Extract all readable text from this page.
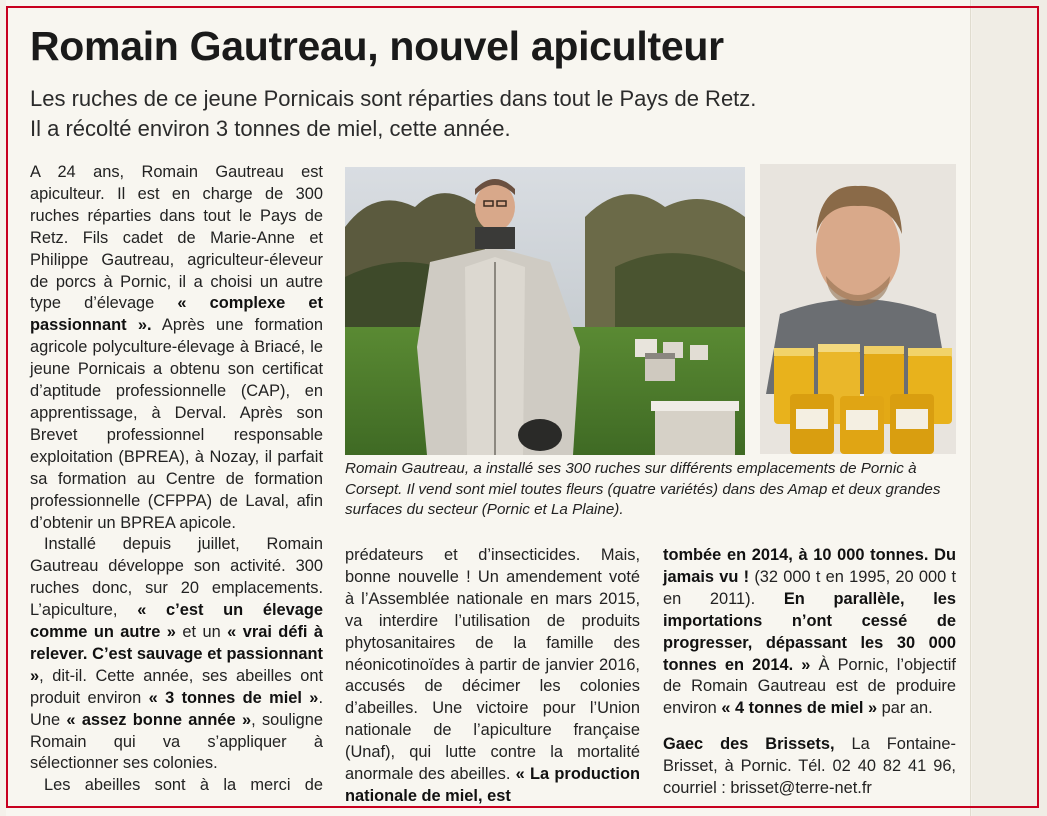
Romain Gautreau, nouvel apiculteur
Les ruches de ce jeune Pornicais sont réparties dans tout le Pays de Retz.
Il a récolté environ 3 tonnes de miel, cette année.

A 24 ans, Romain Gautreau est apiculteur. Il est en charge de 300 ruches réparties dans tout le Pays de Retz. Fils cadet de Marie-Anne et Philippe Gautreau, agriculteur-éleveur de porcs à Pornic, il a choisi un autre type d’élevage « complexe et passionnant ». Après une formation agricole polyculture-élevage à Briacé, le jeune Pornicais a obtenu son certificat d’aptitude professionnelle (CAP), en apprentissage, à Derval. Après son Brevet professionnel responsable exploitation (BPREA), à Nozay, il parfait sa formation au Centre de formation professionnelle (CFPPA) de Laval, afin d’obtenir un BPREA apicole.

Installé depuis juillet, Romain Gautreau développe son activité. 300 ruches donc, sur 20 emplacements. L’apiculture, « c’est un élevage comme un autre » et un « vrai défi à relever. C’est sauvage et passionnant », dit-il. Cette année, ses abeilles ont produit environ « 3 tonnes de miel ». Une « assez bonne année », souligne Romain qui va s’appliquer à sélectionner ses colonies.

Les abeilles sont à la merci de

Romain Gautreau, a installé ses 300 ruches sur différents emplacements de Pornic à Corsept. Il vend sont miel toutes fleurs (quatre variétés) dans des Amap et deux grandes surfaces du secteur (Pornic et La Plaine).

prédateurs et d’insecticides. Mais, bonne nouvelle ! Un amendement voté à l’Assemblée nationale en mars 2015, va interdire l’utilisation de produits phytosanitaires de la famille des néonicotinoïdes à partir de janvier 2016, accusés de décimer les colonies d’abeilles. Une victoire pour l’Union nationale de l’apiculture française (Unaf), qui lutte contre la mortalité anormale des abeilles. « La production nationale de miel, est

tombée en 2014, à 10 000 tonnes. Du jamais vu ! (32 000 t en 1995, 20 000 t en 2011). En parallèle, les importations n’ont cessé de progresser, dépassant les 30 000 tonnes en 2014. » À Pornic, l’objectif de Romain Gautreau est de produire environ « 4 tonnes de miel » par an.

Gaec des Brissets, La Fontaine-Brisset, à Pornic. Tél. 02 40 82 41 96, courriel : brisset@terre-net.fr
